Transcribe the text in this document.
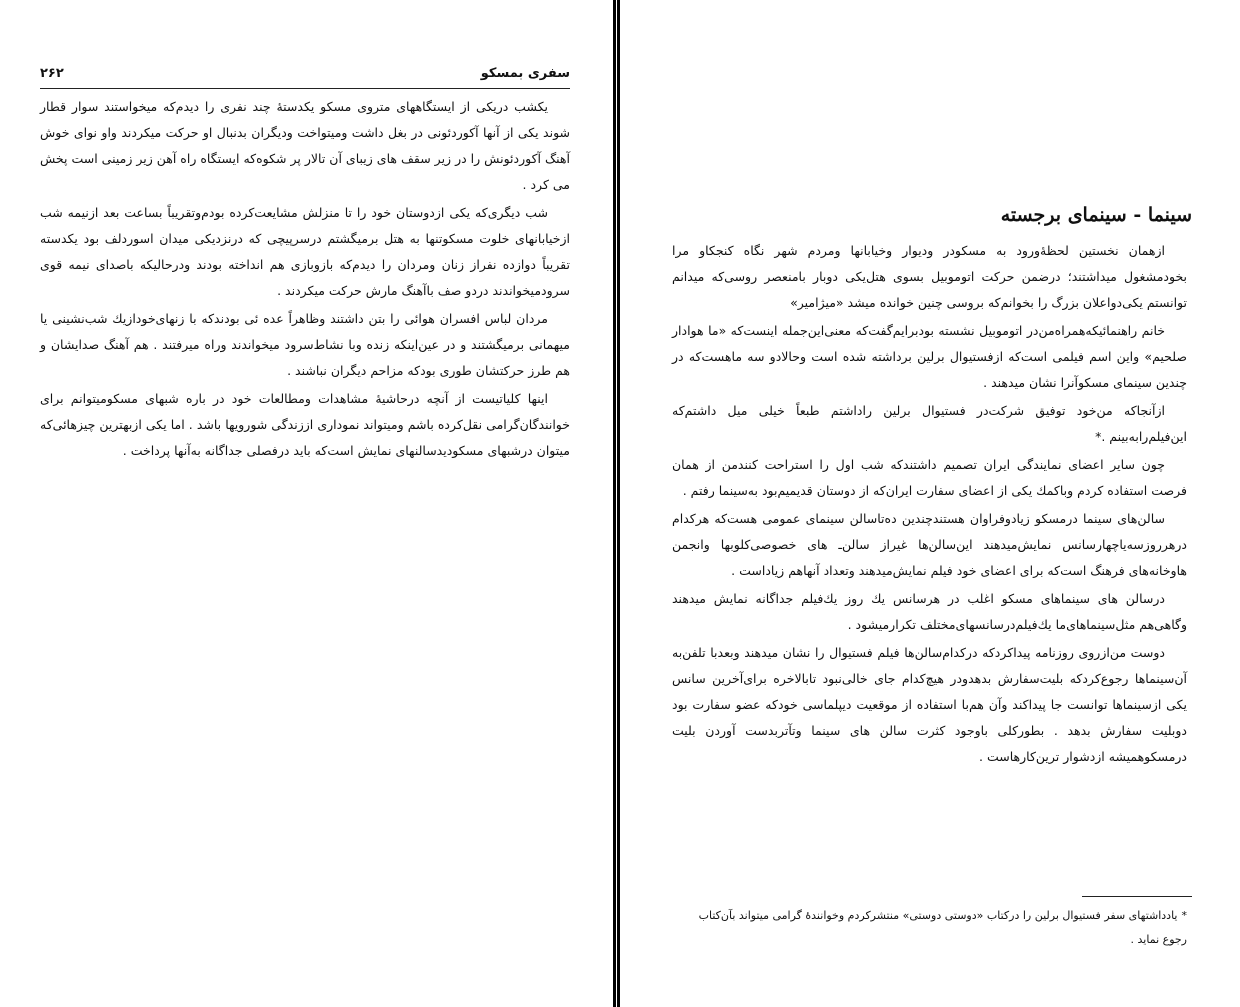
۲۶۲	سفری بمسکو

یکشب دریکی از ایستگاههای متروی مسکو یکدستهٔ چند نفری را دیدم‌که میخواستند سوار قطار شوند یکی از آنها آکوردئونی در بغل داشت ومیتواخت ودیگران بدنبال او حرکت میکردند واو نوای خوش آهنگ آکوردئونش را در زیر سقف های زیبای آن تالار پر شکوه‌که ایستگاه راه آهن زیر زمینی است پخش می کرد .

شب دیگری‌که یکی ازدوستان خود را تا منزلش مشایعت‌کرده بودم‌وتقریباً بساعت بعد ازنیمه شب ازخیابانهای خلوت مسکوتنها به هتل برمیگشتم درسرپیچی که درنزدیکی میدان اسوردلف بود یکدسته تقریباً دوازده نفراز زنان ومردان را دیدم‌که بازوبازی هم انداخته بودند ودرحالیکه باصدای نیمه قوی سرودمیخواندند دردو صف باآهنگ مارش حرکت میکردند .

مردان لباس افسران هوائی را بتن داشتند وظاهراً عده ئی بودندکه با زنهای‌خودازیك شب‌نشینی یا میهمانی برمیگشتند و در عین‌اینکه زنده وبا نشاط‌سرود میخواندند وراه میرفتند . هم آهنگ صدایشان و هم طرز حرکتشان طوری بود‌که مزاحم دیگران نباشند .

اینها کلیاتیست از آنچه درحاشیهٔ مشاهدات ومطالعات خود در باره شبهای مسکومیتوانم برای خوانندگان‌گرامی نقل‌کرده باشم ومیتواند نموداری ازز‌ندگی شورویها باشد . اما یکی ازبهترین چیزهائی‌که میتوان درشبهای مسکو‌دیدسالنهای نمایش است‌که باید درفصلی جداگانه به‌آنها پرداخت .

سینما - سینمای برجسته

ازهمان نخستین لحظهٔ‌ورود به مسکودر ودیوار وخیابانها ومردم شهر نگاه کنجکاو مرا بخودمشغول میداشتند؛ درضمن حرکت اتوموبیل بسوی هتل‌یکی دوبار بامنعصر روسی‌که میدانم توانستم یکی‌دواعلان بزرگ را بخوانم‌که بروسی چنین خوانده میشد «میژامیر»

خانم راهنمائیکه‌همراه‌من‌در اتوموبیل نشسته بود‌برایم‌گفت‌که معنی‌این‌جمله اینست‌که «ما هوادار صلحیم» واین اسم فیلمی است‌که ازفستیوال برلین برداشته شده است و‌حالادو سه ماهست‌که در چندین سینمای مسکو‌آنرا نشان میدهند .

ازآنجاکه من‌خود توفیق شرکت‌در فستیوال برلین راداشتم طبعاً خیلی میل داشتم‌که این‌فیلم‌را‌به‌بینم .*

چون سایر اعضای نمایندگی ایران تصمیم داشتند‌که شب اول را استراحت کنند‌من از همان فرصت استفاده کردم وباکمك یکی از اعضای سفارت ایران‌که از دوستان قدیمیم‌بود به‌سینما رفتم .

سالن‌های سینما درمسکو زیادوفراوان هستند‌چندین ده‌تاسالن سینمای عمومی هست‌که هر‌کدام درهرروزسه‌یاچهارسانس نمایش‌میدهند این‌سالن‌ها غیراز سالن‌ـ های خصوصی‌کلوبها وانجمن ها‌وخانه‌های فرهنگ است‌که برای اعضای خود فیلم نمایش‌میدهند وتعداد آنهاهم زیاداست .

درسالن های سینماهای مسکو اغلب در هرسانس یك روز یك‌فیلم جداگانه نمایش میدهند وگاهی‌هم مثل‌سینماهای‌ما یك‌فیلم‌درسا‌نسهای‌مختلف تکرارمیشود .

دوست من‌ازروی روزنامه پیداکرد‌که درکدام‌سالن‌ها فیلم فستیوال را نشان میدهند وبعدبا تلفن‌به آن‌سینماها رجوع‌کرد‌که بلیت‌سفارش بدهد‌ودر هیچ‌کدام جای خالی‌نبود تابالاخره برای‌آخرین سانس یکی ازسینماها توانست جا پیداکند وآن هم‌با استفاده از موقعیت دیپلماسی خودکه عضو سفارت بود دوبلیت سفارش بدهد . بطور‌کلی باوجود کثرت سالن های سینما وتآتربدست آوردن بلیت درمسکوهمیشه ازدشوار ترین‌کارهاست .

*یادداشتهای سفر فستیوال برلین را درکتاب «دوستی دوستی» منتشر‌کردم وخوانندهٔ گرامی میتواند بآن‌کتاب رجوع نماید .
